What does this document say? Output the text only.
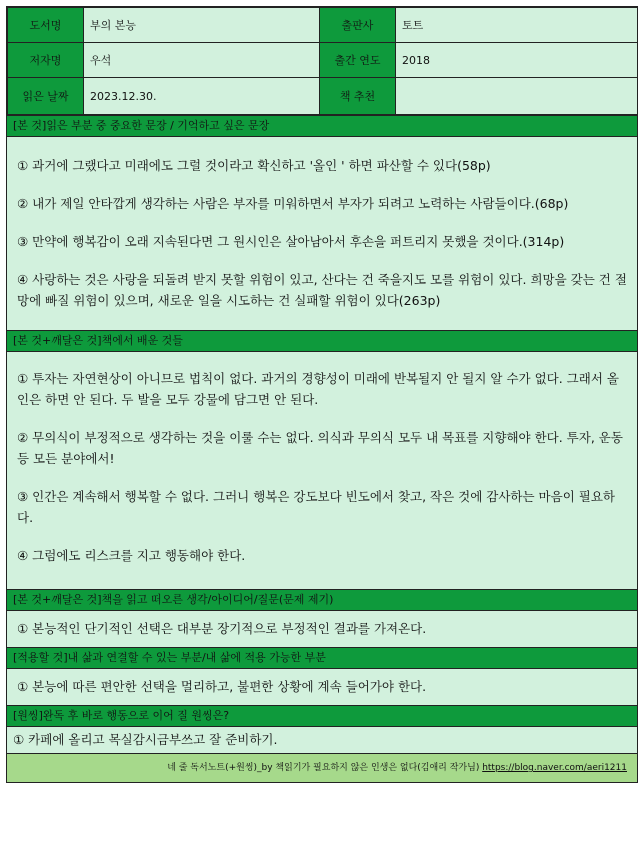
도서명	부의 본능	출판사	토트
저자명	우석	출간 연도	2018
읽은 날짜	2023.12.30.	책 추천	
[본 것]읽은 부분 중 중요한 문장 / 기억하고 싶은 문장

① 과거에 그랬다고 미래에도 그럴 것이라고 확신하고 '올인 ' 하면 파산할 수 있다(58p)

② 내가 제일 안타깝게 생각하는 사람은 부자를 미워하면서 부자가 되려고 노력하는 사람들이다.(68p)

③ 만약에 행복감이 오래 지속된다면 그 원시인은 살아남아서 후손을 퍼트리지 못했을 것이다.(314p)

④ 사랑하는 것은 사랑을 되돌려 받지 못할 위험이 있고, 산다는 건 죽을지도 모를 위험이 있다. 희망을 갖는 건 절망에 빠질 위험이 있으며, 새로운 일을 시도하는 건 실패할 위험이 있다(263p)

[본 것+깨달은 것]책에서 배운 것들

① 투자는 자연현상이 아니므로 법칙이 없다. 과거의 경향성이 미래에 반복될지 안 될지 알 수가 없다. 그래서 올인은 하면 안 된다. 두 발을 모두 강물에 담그면 안 된다.

② 무의식이 부정적으로 생각하는 것을 이룰 수는 없다. 의식과 무의식 모두 내 목표를 지향해야 한다. 투자, 운동 등 모든 분야에서!

③ 인간은 계속해서 행복할 수 없다. 그러니 행복은 강도보다 빈도에서 찾고, 작은 것에 감사하는 마음이 필요하다.

④ 그럼에도 리스크를 지고 행동해야 한다.

[본 것+깨달은 것]책을 읽고 떠오른 생각/아이디어/질문(문제 제기)

① 본능적인 단기적인 선택은 대부분 장기적으로 부정적인 결과를 가져온다.

[적용할 것]내 삶과 연결할 수 있는 부분/내 삶에 적용 가능한 부분

① 본능에 따른 편안한 선택을 멀리하고, 불편한 상황에 계속 들어가야 한다.

[원씽]완독 후 바로 행동으로 이어 질 원씽은?

① 카페에 올리고 목실감시금부쓰고 잘 준비하기.

네 줄 독서노트(+원씽)_by 책읽기가 필요하지 않은 인생은 없다(김애리 작가님) https://blog.naver.com/aeri1211
